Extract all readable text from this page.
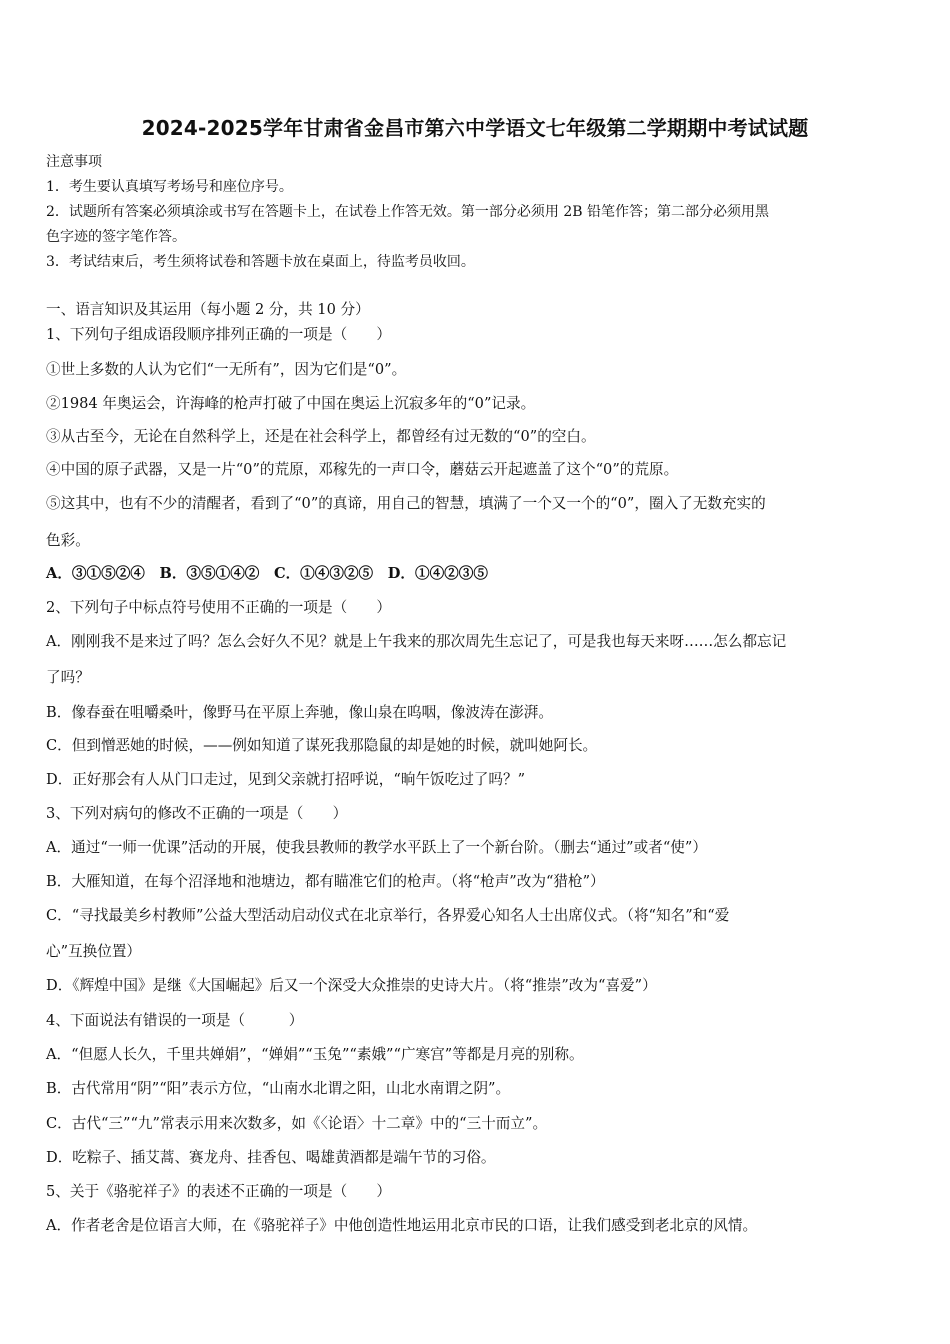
2024-2025学年甘肃省金昌市第六中学语文七年级第二学期期中考试试题
注意事项
1．考生要认真填写考场号和座位序号。
2．试题所有答案必须填涂或书写在答题卡上，在试卷上作答无效。第一部分必须用 2B 铅笔作答；第二部分必须用黑
色字迹的签字笔作答。
3．考试结束后，考生须将试卷和答题卡放在桌面上，待监考员收回。
一、语言知识及其运用（每小题 2 分，共 10 分）
1、下列句子组成语段顺序排列正确的一项是（　　）
①世上多数的人认为它们“一无所有”，因为它们是“0”。
②1984 年奥运会，许海峰的枪声打破了中国在奥运上沉寂多年的“0”记录。
③从古至今，无论在自然科学上，还是在社会科学上，都曾经有过无数的“0”的空白。
④中国的原子武器，又是一片“0”的荒原，邓稼先的一声口令，蘑菇云开起遮盖了这个“0”的荒原。
⑤这其中，也有不少的清醒者，看到了“0”的真谛，用自己的智慧，填满了一个又一个的“0”，圈入了无数充实的
色彩。
A．③①⑤②④　B．③⑤①④②　C．①④③②⑤　D．①④②③⑤
2、下列句子中标点符号使用不正确的一项是（　　）
A．刚刚我不是来过了吗？怎么会好久不见？就是上午我来的那次周先生忘记了，可是我也每天来呀……怎么都忘记
了吗？
B．像春蚕在咀嚼桑叶，像野马在平原上奔驰，像山泉在呜咽，像波涛在澎湃。
C．但到憎恶她的时候，——例如知道了谋死我那隐鼠的却是她的时候，就叫她阿长。
D．正好那会有人从门口走过，见到父亲就打招呼说，“晌午饭吃过了吗？”
3、下列对病句的修改不正确的一项是（　　）
A．通过“一师一优课”活动的开展，使我县教师的教学水平跃上了一个新台阶。（删去“通过”或者“使”）
B．大雁知道，在每个沼泽地和池塘边，都有瞄准它们的枪声。（将“枪声”改为“猎枪”）
C．“寻找最美乡村教师”公益大型活动启动仪式在北京举行，各界爱心知名人士出席仪式。（将“知名”和“爱
心”互换位置）
D．《辉煌中国》是继《大国崛起》后又一个深受大众推崇的史诗大片。（将“推崇”改为“喜爱”）
4、下面说法有错误的一项是（　　　）
A．“但愿人长久，千里共婵娟”，“婵娟”“玉兔”“素娥”“广寒宫”等都是月亮的别称。
B．古代常用“阴”“阳”表示方位，“山南水北谓之阳，山北水南谓之阴”。
C．古代“三”“九”常表示用来次数多，如《〈论语〉十二章》中的“三十而立”。
D．吃粽子、插艾蒿、赛龙舟、挂香包、喝雄黄酒都是端午节的习俗。
5、关于《骆驼祥子》的表述不正确的一项是（　　）
A．作者老舍是位语言大师，在《骆驼祥子》中他创造性地运用北京市民的口语，让我们感受到老北京的风情。
